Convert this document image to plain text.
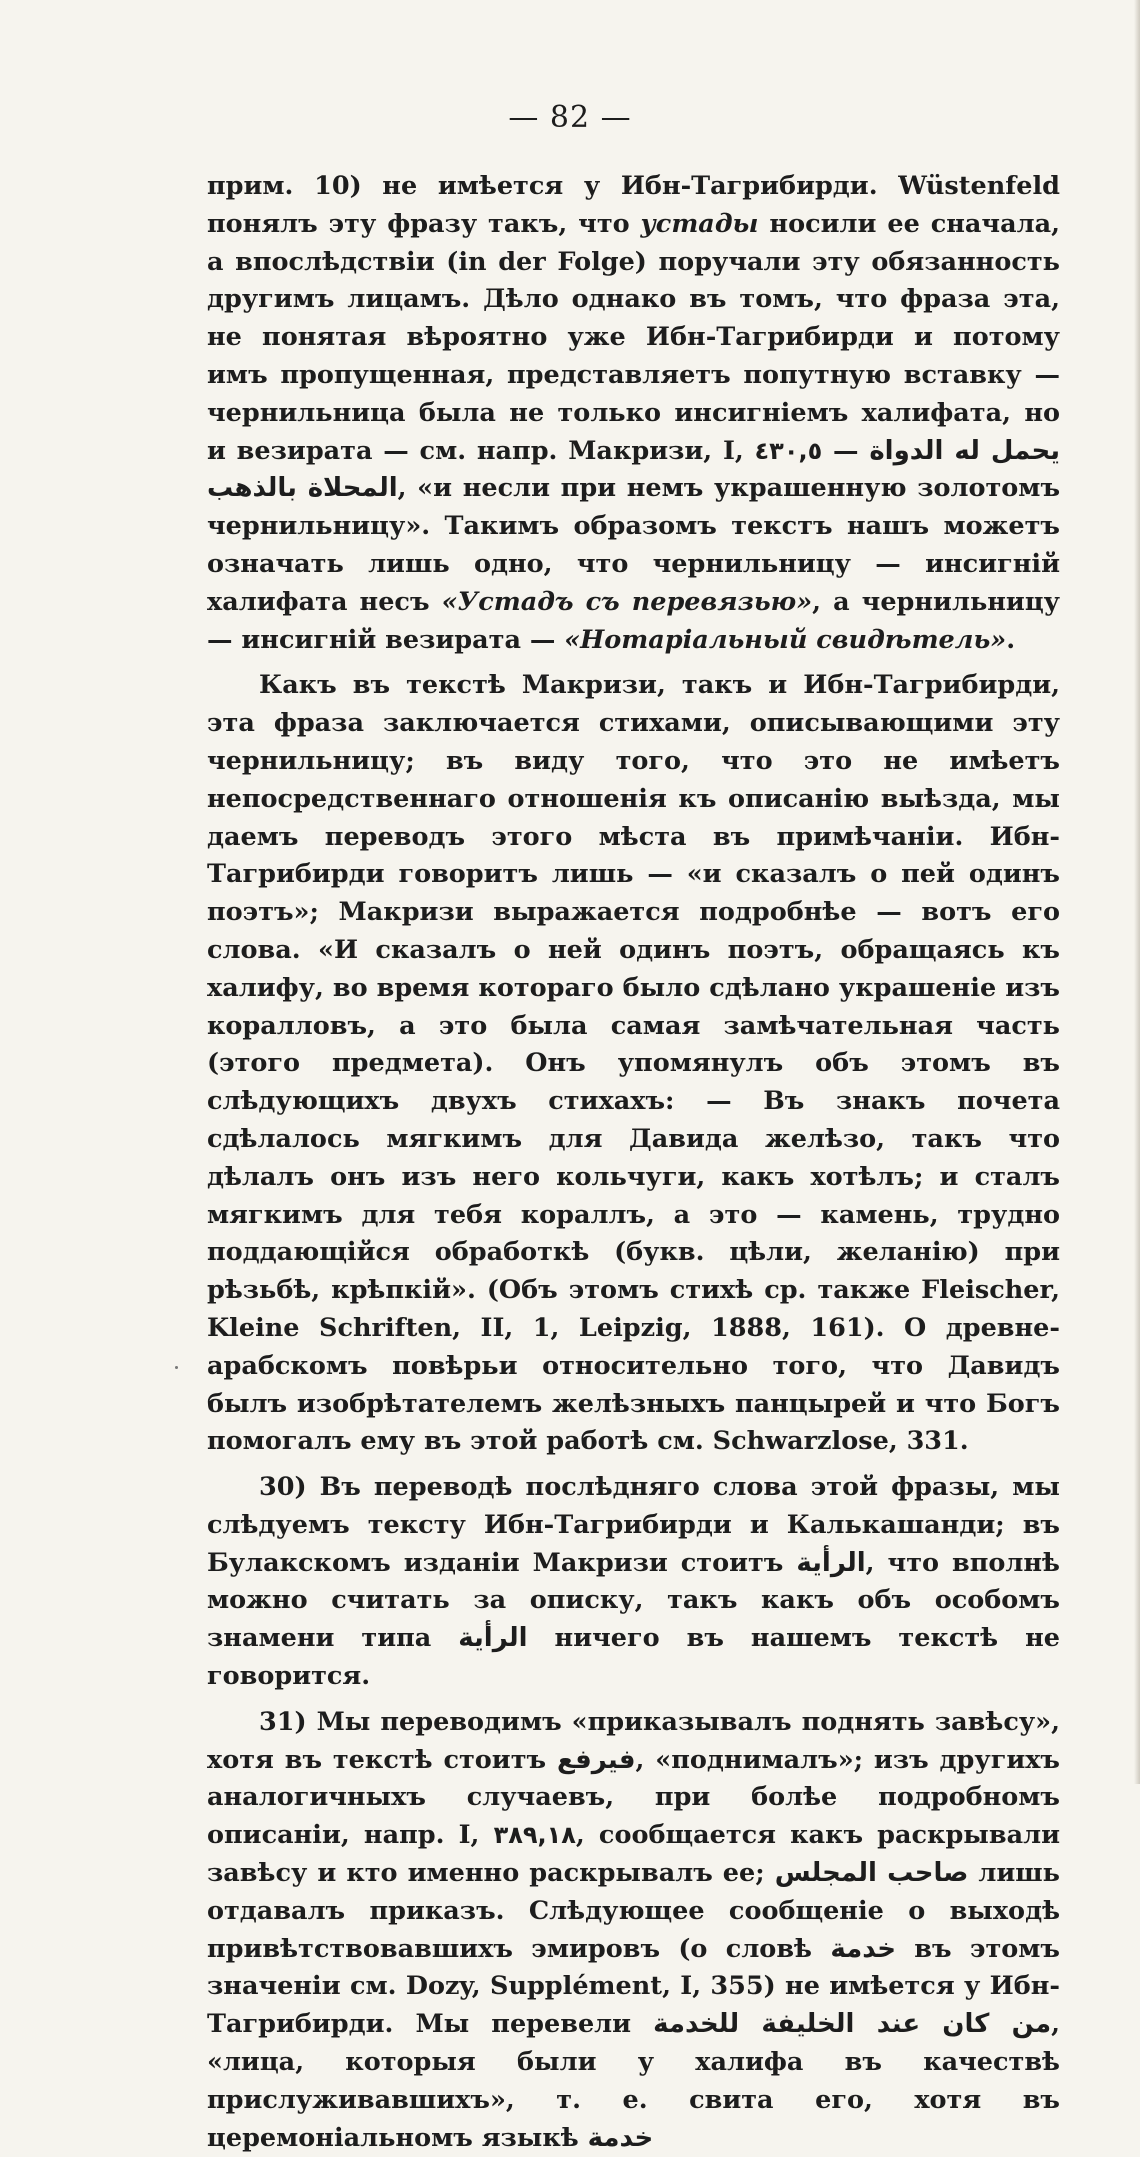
— 82 —

прим. 10) не имѣется у Ибн-Тагрибирди. Wüstenfeld понялъ эту фразу такъ, что устады носили ее сначала, а впослѣдствіи (in der Folge) поручали эту обязанность другимъ лицамъ. Дѣло однако въ томъ, что фраза эта, не понятая вѣроятно уже Ибн-Тагрибирди и потому имъ пропущенная, представляетъ попутную вставку — чернильница была не только инсигніемъ халифата, но и везирата — см. напр. Макризи, I, ٤٣٠,٥ — يحمل له الدواة المحلاة بالذهب, «и несли при немъ украшенную золотомъ чернильницу». Такимъ образомъ текстъ нашъ можетъ означать лишь одно, что чернильницу — инсигній халифата несъ «Устадъ съ перевязью», а чернильницу — инсигній везирата — «Нотаріальный свидѣтель».

Какъ въ текстѣ Макризи, такъ и Ибн-Тагрибирди, эта фраза заключается стихами, описывающими эту чернильницу; въ виду того, что это не имѣетъ непосредственнаго отношенія къ описанію выѣзда, мы даемъ переводъ этого мѣста въ примѣчаніи. Ибн-Тагрибирди говоритъ лишь — «и сказалъ о пей одинъ поэтъ»; Макризи выражается подробнѣе — вотъ его слова. «И сказалъ о ней одинъ поэтъ, обращаясь къ халифу, во время котораго было сдѣлано украшеніе изъ коралловъ, а это была самая замѣчательная часть (этого предмета). Онъ упомянулъ объ этомъ въ слѣдующихъ двухъ стихахъ: — Въ знакъ почета сдѣлалось мягкимъ для Давида желѣзо, такъ что дѣлалъ онъ изъ него кольчуги, какъ хотѣлъ; и сталъ мягкимъ для тебя кораллъ, а это — камень, трудно поддающійся обработкѣ (букв. цѣли, желанію) при рѣзьбѣ, крѣпкій». (Объ этомъ стихѣ ср. также Fleischer, Kleine Schriften, II, 1, Leipzig, 1888, 161). О древне-арабскомъ повѣрьи относительно того, что Давидъ былъ изобрѣтателемъ желѣзныхъ панцырей и что Богъ помогалъ ему въ этой работѣ см. Schwarzlose, 331.

30) Въ переводѣ послѣдняго слова этой фразы, мы слѣдуемъ тексту Ибн-Тагрибирди и Калькашанди; въ Булакскомъ изданіи Макризи стоитъ الرأية, что вполнѣ можно считать за описку, такъ какъ объ особомъ знамени типа الرأية ничего въ нашемъ текстѣ не говорится.

31) Мы переводимъ «приказывалъ поднять завѣсу», хотя въ текстѣ стоитъ فيرفع, «поднималъ»; изъ другихъ аналогичныхъ случаевъ, при болѣе подробномъ описаніи, напр. I, ٣٨٩,١٨, сообщается какъ раскрывали завѣсу и кто именно раскрывалъ ее; صاحب المجلس лишь отдавалъ приказъ. Слѣдующее сообщеніе о выходѣ привѣтствовавшихъ эмировъ (о словѣ خدمة въ этомъ значеніи см. Dozy, Supplément, I, 355) не имѣется у Ибн-Тагрибирди. Мы перевели من كان عند الخليفة للخدمة, «лица, которыя были у халифа въ качествѣ прислуживавшихъ», т. е. свита его, хотя въ церемоніальномъ языкѣ خدمة
